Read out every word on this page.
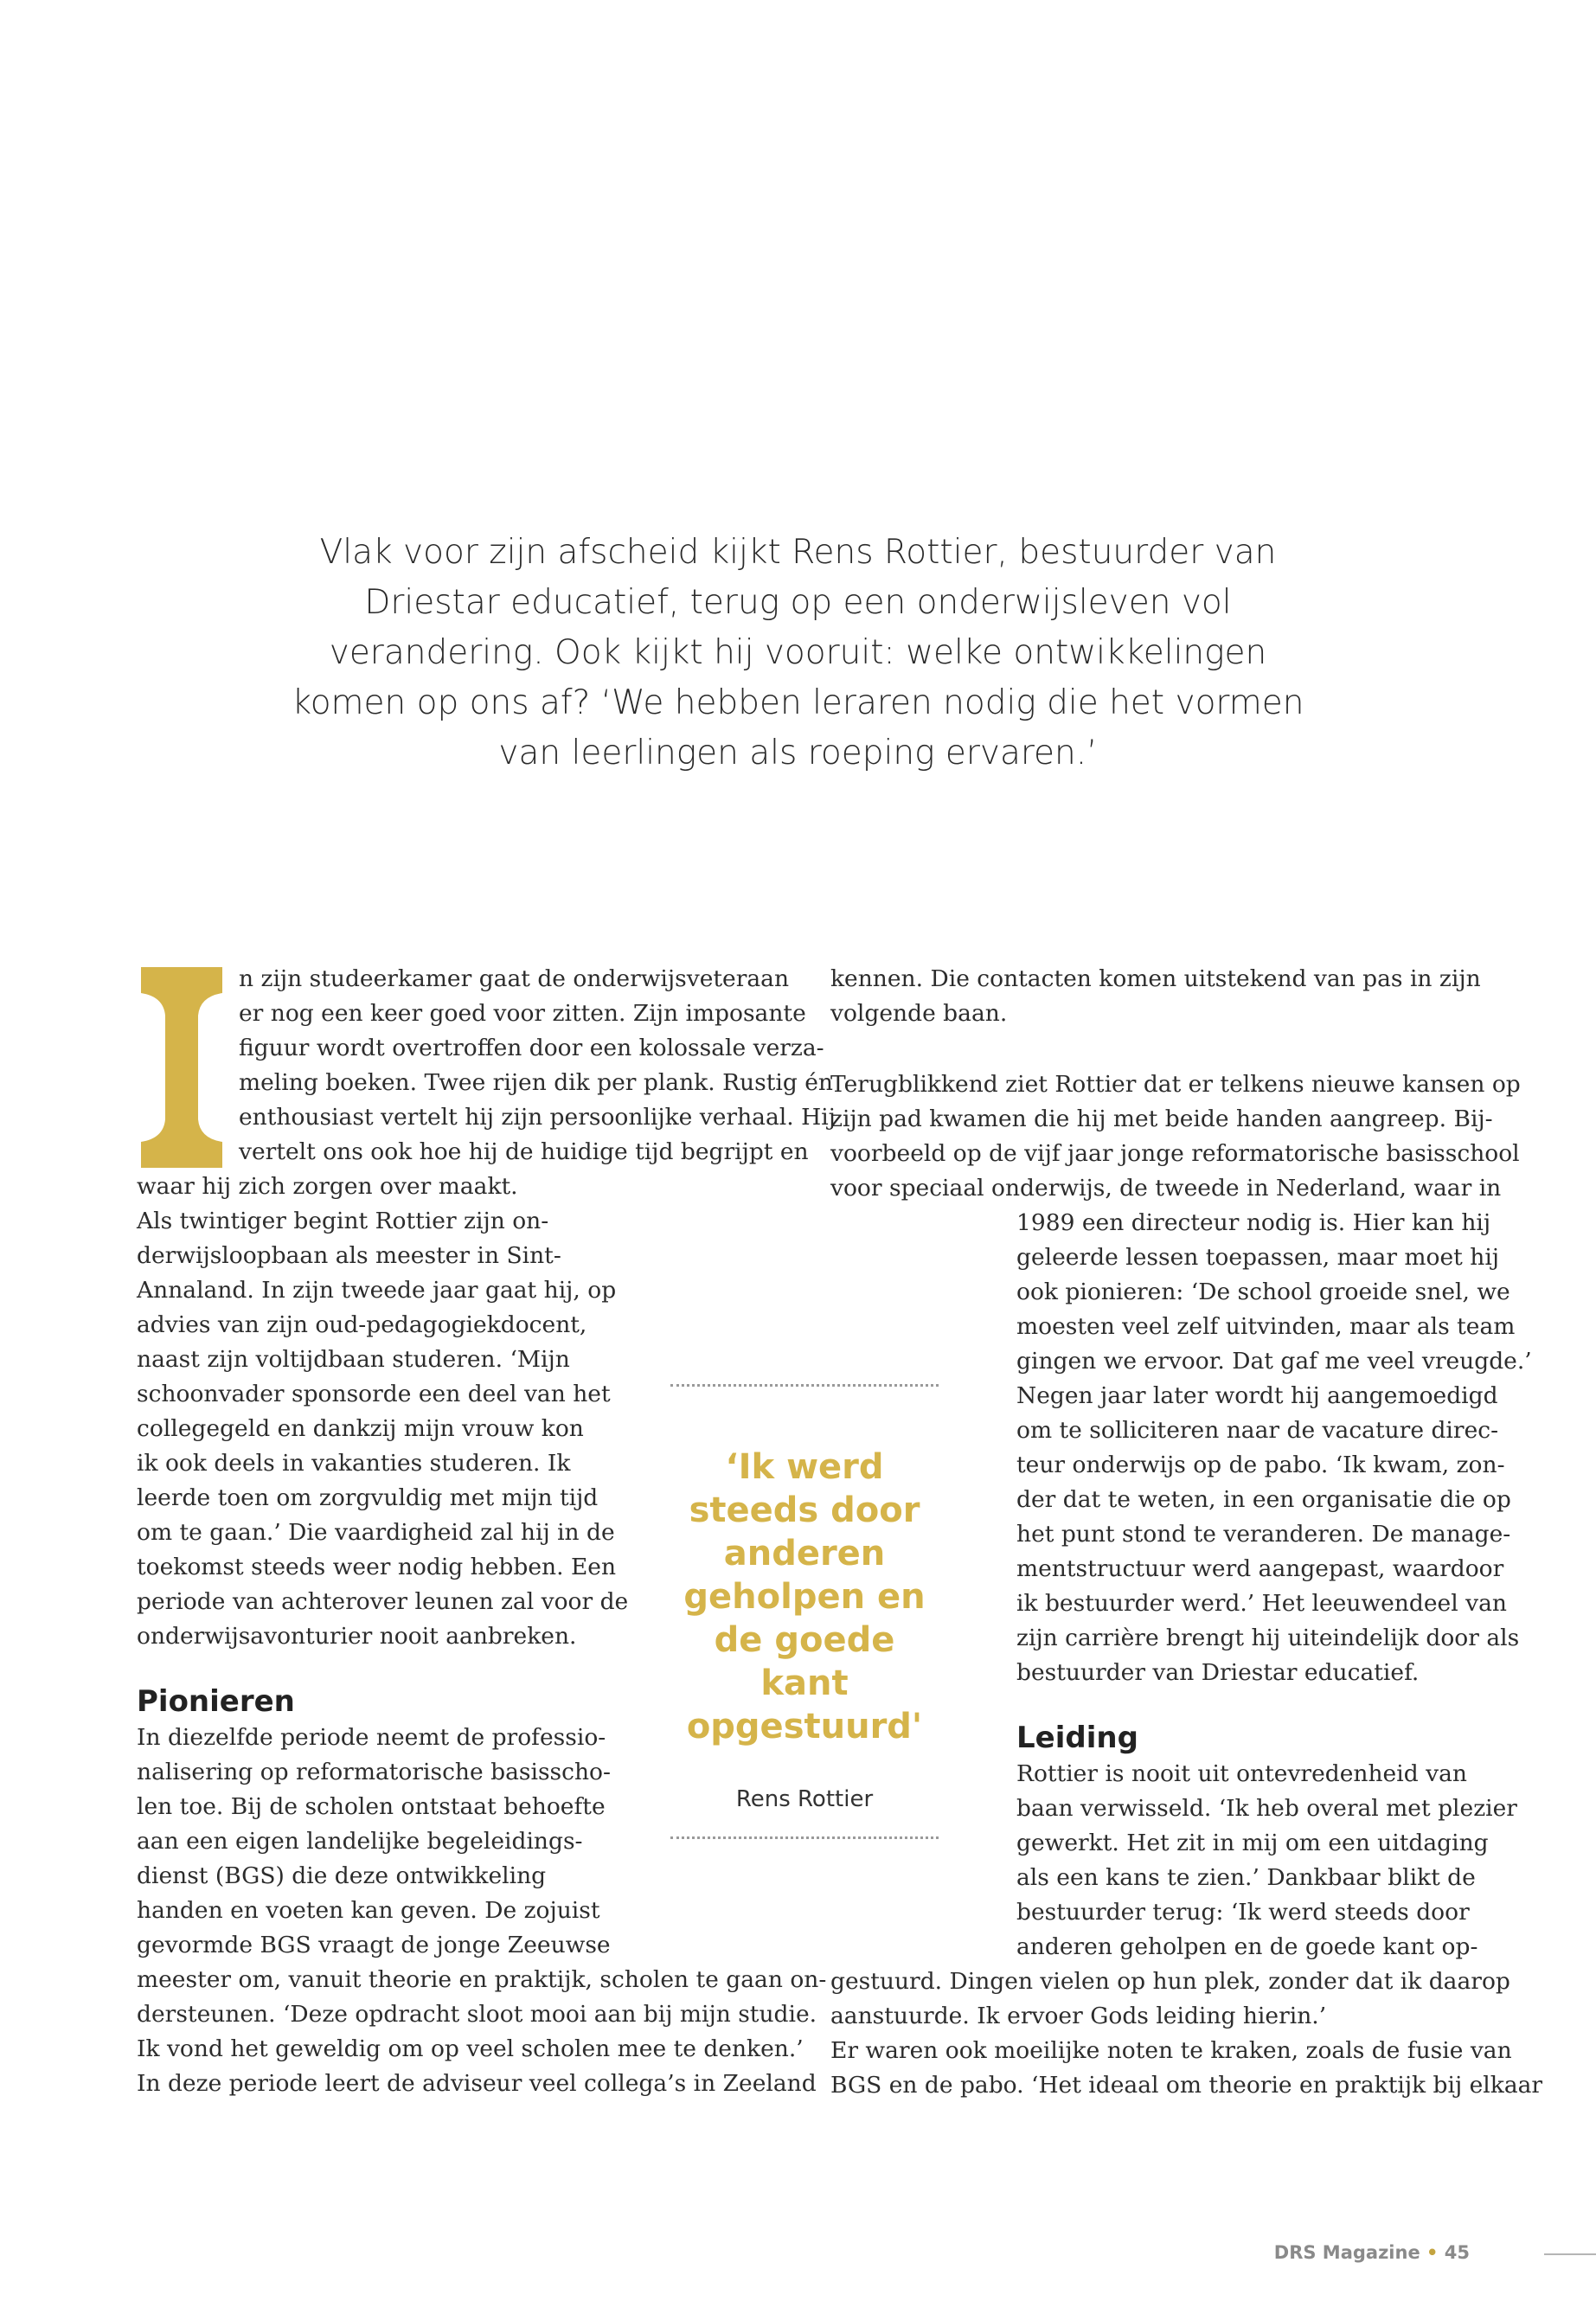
Vlak voor zijn afscheid kijkt Rens Rottier, bestuurder van Driestar educatief, terug op een onderwijsleven vol verandering. Ook kijkt hij vooruit: welke ontwikkelingen komen op ons af? ‘We hebben leraren nodig die het vormen van leerlingen als roeping ervaren.’

n zijn studeerkamer gaat de onderwijsveteraan
er nog een keer goed voor zitten. Zijn imposante
figuur wordt overtroffen door een kolossale verza-
meling boeken. Twee rijen dik per plank. Rustig én
enthousiast vertelt hij zijn persoonlijke verhaal. Hij
vertelt ons ook hoe hij de huidige tijd begrijpt en
waar hij zich zorgen over maakt.

Als twintiger begint Rottier zijn on-
derwijsloopbaan als meester in Sint-
Annaland. In zijn tweede jaar gaat hij, op
advies van zijn oud-pedagogiekdocent,
naast zijn voltijdbaan studeren. ‘Mijn
schoonvader sponsorde een deel van het
collegegeld en dankzij mijn vrouw kon
ik ook deels in vakanties studeren. Ik
leerde toen om zorgvuldig met mijn tijd
om te gaan.’ Die vaardigheid zal hij in de
toekomst steeds weer nodig hebben. Een
periode van achterover leunen zal voor de
onderwijsavonturier nooit aanbreken.

Pionieren

In diezelfde periode neemt de professio-
nalisering op reformatorische basisscho-
len toe. Bij de scholen ontstaat behoefte
aan een eigen landelijke begeleidings-
dienst (BGS) die deze ontwikkeling
handen en voeten kan geven. De zojuist
gevormde BGS vraagt de jonge Zeeuwse
meester om, vanuit theorie en praktijk, scholen te gaan on-
dersteunen. ‘Deze opdracht sloot mooi aan bij mijn studie.
Ik vond het geweldig om op veel scholen mee te denken.’
In deze periode leert de adviseur veel collega’s in Zeeland

‘Ik werd steeds door anderen geholpen en de goede kant opgestuurd'
Rens Rottier

kennen. Die contacten komen uitstekend van pas in zijn
volgende baan.

Terugblikkend ziet Rottier dat er telkens nieuwe kansen op
zijn pad kwamen die hij met beide handen aangreep. Bij-
voorbeeld op de vijf jaar jonge reformatorische basisschool
voor speciaal onderwijs, de tweede in Nederland, waar in
1989 een directeur nodig is. Hier kan hij
geleerde lessen toepassen, maar moet hij
ook pionieren: ‘De school groeide snel, we
moesten veel zelf uitvinden, maar als team
gingen we ervoor. Dat gaf me veel vreugde.’
Negen jaar later wordt hij aangemoedigd
om te solliciteren naar de vacature direc-
teur onderwijs op de pabo. ‘Ik kwam, zon-
der dat te weten, in een organisatie die op
het punt stond te veranderen. De manage-
mentstructuur werd aangepast, waardoor
ik bestuurder werd.’ Het leeuwendeel van
zijn carrière brengt hij uiteindelijk door als
bestuurder van Driestar educatief.

Leiding

Rottier is nooit uit ontevredenheid van
baan verwisseld. ‘Ik heb overal met plezier
gewerkt. Het zit in mij om een uitdaging
als een kans te zien.’ Dankbaar blikt de
bestuurder terug: ‘Ik werd steeds door
anderen geholpen en de goede kant op-
gestuurd. Dingen vielen op hun plek, zonder dat ik daarop
aanstuurde. Ik ervoer Gods leiding hierin.’
Er waren ook moeilijke noten te kraken, zoals de fusie van
BGS en de pabo. ‘Het ideaal om theorie en praktijk bij elkaar

DRS Magazine • 45
